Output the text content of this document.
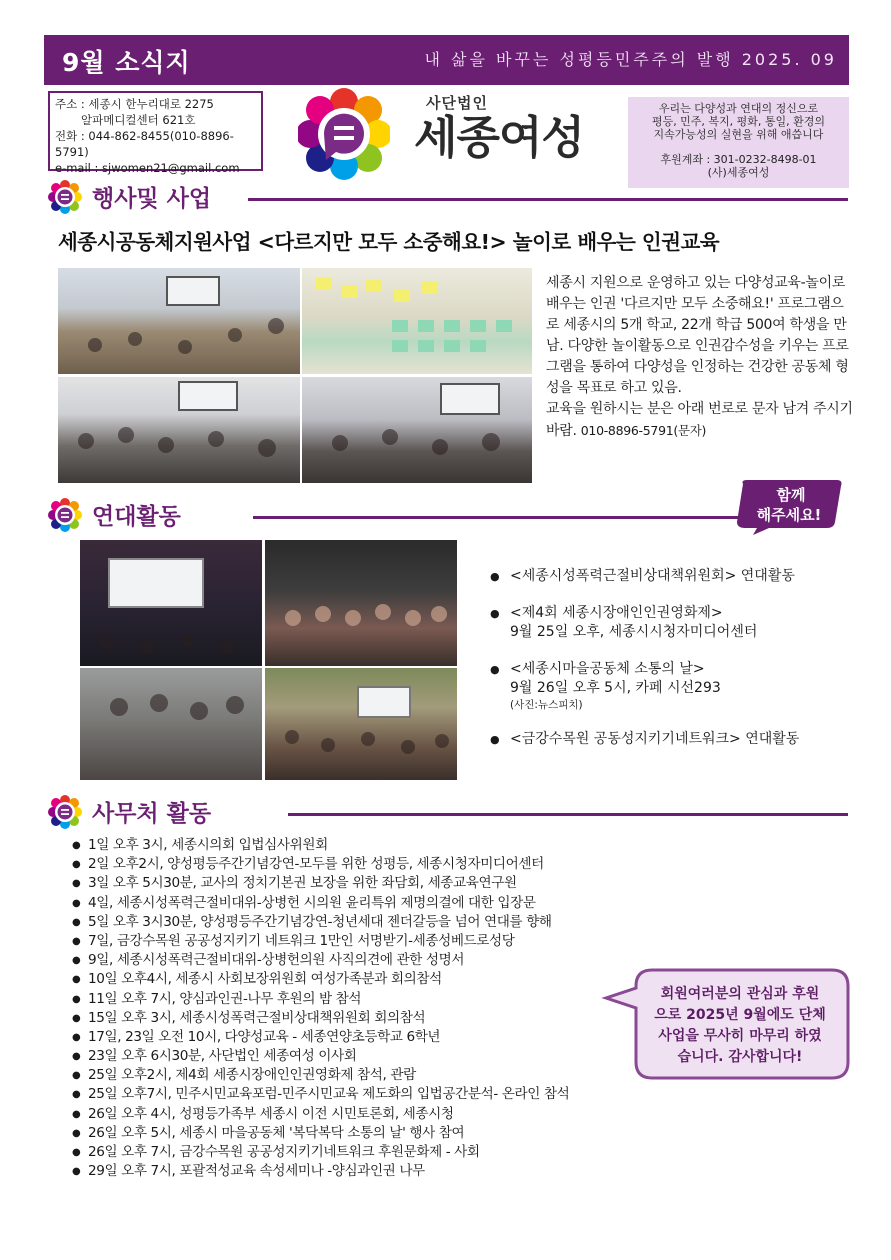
9월 소식지	내 삶을 바꾸는 성평등민주주의 발행 2025. 09
주소 : 세종시 한누리대로 2275
알파메디컬센터 621호
전화 : 044-862-8455(010-8896-5791)
e-mail : sjwomen21@gmail.com
사단법인
세종여성
우리는 다양성과 연대의 정신으로
평등, 민주, 복지, 평화, 통일, 환경의
지속가능성의 실현을 위해 애씁니다
후원계좌 : 301-0232-8498-01
(사)세종여성
행사및 사업
세종시공동체지원사업 <다르지만 모두 소중해요!> 놀이로 배우는 인권교육

세종시 지원으로 운영하고 있는 다양성교육-놀이로 배우는 인권 '다르지만 모두 소중해요!' 프로그램으로 세종시의 5개 학교, 22개 학급 500여 학생을 만남. 다양한 놀이활동으로 인권감수성을 키우는 프로그램을 통하여 다양성을 인정하는 건강한 공동체 형성을 목표로 하고 있음.

교육을 원하시는 분은 아래 번로로 문자 남겨 주시기 바람. 010-8896-5791(문자)

연대활동
함께
해주세요!
● <세종시성폭력근절비상대책위원회> 연대활동
● <제4회 세종시장애인인권영화제>
9월 25일 오후, 세종시시청자미디어센터
● <세종시마을공동체 소통의 날>
9월 26일 오후 5시, 카페 시선293
(사진:뉴스피치)
● <금강수목원 공동성지키기네트워크> 연대활동
사무처 활동
● 1일 오후 3시, 세종시의회 입법심사위원회
● 2일 오후2시, 양성평등주간기념강연-모두를 위한 성평등, 세종시청자미디어센터
● 3일 오후 5시30분, 교사의 정치기본권 보장을 위한 좌담회, 세종교육연구원
● 4일, 세종시성폭력근절비대위-상병헌 시의원 윤리특위 제명의결에 대한 입장문
● 5일 오후 3시30분, 양성평등주간기념강연-청년세대 젠더갈등을 넘어 연대를 향해
● 7일, 금강수목원 공공성지키기 네트워크 1만인 서명받기-세종성베드로성당
● 9일, 세종시성폭력근절비대위-상병헌의원 사직의견에 관한 성명서
● 10일 오후4시, 세종시 사회보장위원회 여성가족분과 회의참석
● 11일 오후 7시, 양심과인권-나무 후원의 밤 참석
● 15일 오후 3시, 세종시성폭력근절비상대책위원회 회의참석
● 17일, 23일 오전 10시, 다양성교육 - 세종연양초등학교 6학년
● 23일 오후 6시30분, 사단법인 세종여성 이사회
● 25일 오후2시, 제4회 세종시장애인인권영화제 참석, 관람
● 25일 오후7시, 민주시민교육포럼-민주시민교육 제도화의 입법공간분석- 온라인 참석
● 26일 오후 4시, 성평등가족부 세종시 이전 시민토론회, 세종시청
● 26일 오후 5시, 세종시 마을공동체 '복닥복닥 소통의 날' 행사 참여
● 26일 오후 7시, 금강수목원 공공성지키기네트워크 후원문화제 - 사회
● 29일 오후 7시, 포괄적성교육 속성세미나 -양심과인권 나무
회원여러분의 관심과 후원
으로 2025년 9월에도 단체
사업을 무사히 마무리 하였
습니다. 감사합니다!
